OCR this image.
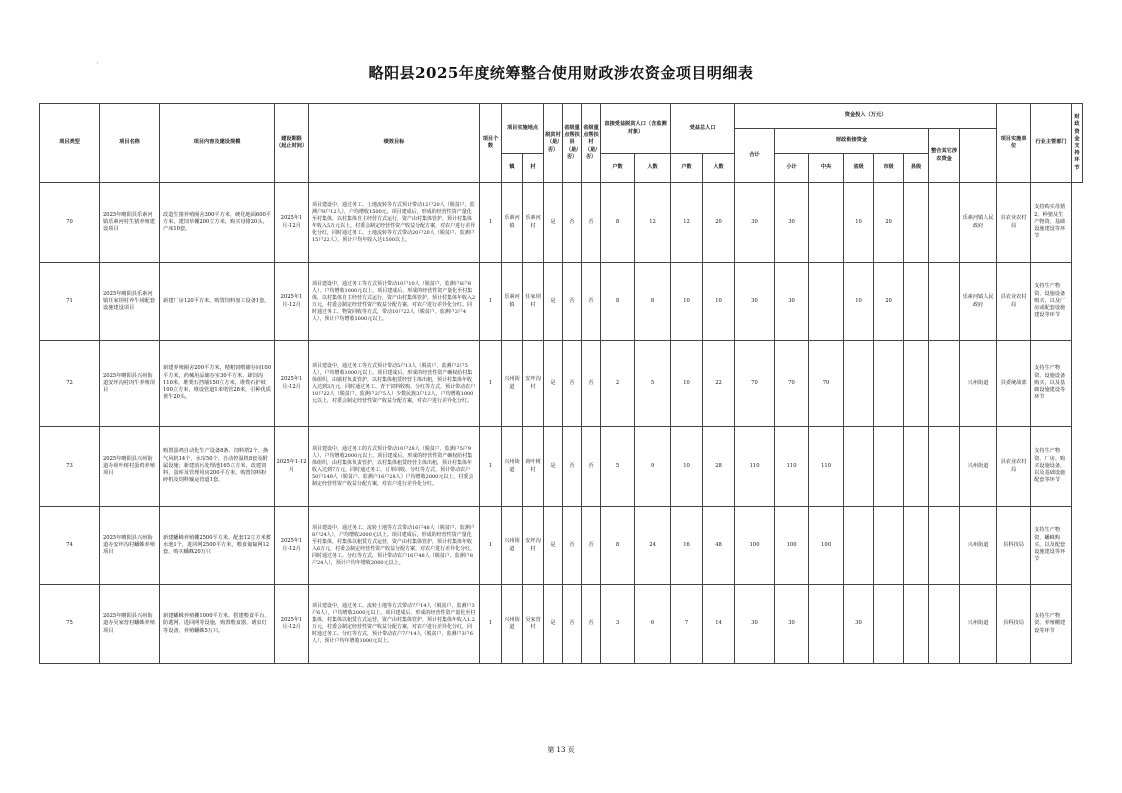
'	略阳县2025年度统筹整合使用财政涉农资金项目明细表
项目类型	项目名称	项目内容及建设规模	建设期限（起止时间）	绩效目标	项目个数	项目实施地点		脱贫村（是/否）	省级重点帮扶县（是/否）	省级重点帮扶村（是/否）	直接受益脱贫人口（含监测对象）		受益总人口		资金投入（万元）								项目实施单位	行业主管部门	财政资金支持环节
															合计	财政衔接资金					整合其它涉农资金				
						镇	村				户数	人数	户数	人数		小计	中央	省级	市级	县级					
70	2025年略阳县乐素河镇乐素河村生猪养殖建设项目	改造生猪养殖圈舍300平方米，硬化地面600平方米，建饲草棚200立方米，购买母猪20头，产床10套。	2025年1月-12月	项目建设中，通过务工、土地流转等方式预计带动12户20人（脱贫户、监测户8户12人），户均增收1500元。项目建成后，形成的经营性资产量化至村集体，以村集体自主经营方式运行，资产由村集体管护，预计村集体年收入5万元以上，村委会制定经营性资产收益分配方案，对农户进行差异化分红，同时通过务工、土地流转等方式带动20户20人（脱贫户、监测户15户22人），预计户均年收入达1500以上。	1	乐素河镇	乐素河村	是	否	否	8	12	12	20	30	30		10	20			乐素河镇人民政府	县农业农村局	支持购买母猪2、种猪及生产物资、基础设施建设等环节	
71	2025年略阳县乐素河镇任家坝村养牛场配套设施建设项目	新建厂房120平方米，购置饲料加工设备1套。	2025年1月-12月	项目建设中，通过务工等方式预计带动10户10人（脱贫户、监测户8户8人），户均增收1000元以上。项目建成后，形成的经营性资产量化至村集体，以村集体自主经营方式运行，资产由村集体管护，预计村集体年收入2万元，村委会制定经营性资产收益分配方案，对农户进行差异化分红。同时通过务工、物资回收等方式，带动10户22人（脱贫户、监测户2户4人），预计户均增收1000元以上。	1	乐素河镇	任家坝村	是	否	否	8	8	10	10	30	30		10	20			乐素河镇人民政府	县农业农村局	支持生产物资、设施设备购买，以及厂房或配套设施建设等环节	
72	2025年略阳县兴州街道安坪沟村肉牛养殖项目	新建养殖圈舍200平方米，精粗饲喂储存间100平方米，药械用品储存室30平方米，肆饲沟110米，堆粪石挡墙150立方米，堆粪石护坡100立方米，堆设管道1米堵管28米，引种优质黄牛20头。	2025年1月-12月	项目建设中，通过务工等方式预计带动5户13人（脱贫户、监测户2户5人），户均增收1000元以上。项目建成后，形成的经营性资产确权给村集体组织，由镇村负责管护，以村集体租赁经营主体出租，预计村集体年收入达到3万元，同时通过务工、青干饲料收购、分红等方式，预计带动农户10户22人（脱贫户、监测户2户5人）少数民族3户12人，户均增收1000元以上，村委会制定经营性资产收益分配方案，对农户进行差异化分红。	1	兴州街道	安坪沟村	是	否	否	2	5	10	22	70	70	70					兴州街道	县委统战部	支持生产物资、设施设备购买，以及基础设施建设等环节	
73	2025年略阳县兴州街道办荷叶树村蛋鸡养殖项目	购置蛋鸡自动化生产设备8条、饲料塔2个、换气风机14个、水帘50个、自动控温机8套及附属设施；新建消污处理池165立方米，改建饲料、蛋库及管理用房200平方米，购置饲料粉碎机及饲料输运管道1套。	2025年1-12月	项目建设中，通过务工的方式预计带动10户28人（脱贫户、监测户5户9人），户均增收2000元以上。项目建成后，形成的经营性资产确权给村集体组织，由村集体负责管护，以村集体租赁经营主体出租，预计村集体年收入达到7万元，同时通过务工、订单回收、分红等方式，预计带动农户50户149人（脱贫户、监测户16户28人）户均增收2000元以上，村委会制定经营性资产收益分配方案，对农户进行差异化分红。	1	兴州街道	荷叶树村	是	否	否	5	9	10	28	110	110	110					兴州街道	县农业农村局	支持生产物资、厂房、购买设施设备，以及基础设施配套等环节	
74	2025年略阳县兴州街道办安坪沟村蟠蛛养殖项目	新建蟠蛛养殖棚2500平方米，配套12立方米蓄水池1个，进回网2500平方米，喂食匍匐网12套，购买蟠蛛20万只	2025年1月-12月	项目建设中，通过务工、流转土地等方式带动16户48人（脱贫户、监测户8户24人），户均增收2000元以上。项目建成后，形成的经营性资产量化至村集体，村集体以租赁方式运营，资产由村集体管护，预计村集体年收入6万元，村委会制定经营性资产收益分配方案，对农户进行差异化分红，同时通过务工、分红等方式，预计带动农户16户48人（脱贫户、监测户8户24人），预计户均年增收2000元以上。	1	兴州街道	安坪沟村	是	否	否	8	24	16	48	100	100	100					兴州街道	县科技局	支持生产物资、蟠蛛购买，以及配套设施建设等环节	
75	2025年略阳县兴州街道办吴家营村蟠蛛养殖项目	新建蟠蛛养殖棚1000平方米，搭建喂食平台、防逃网、进回网等设施，购置喂食器、诱虫灯等设备，养殖蟠蛛5万只。	2025年1月-12月	项目建设中，通过务工、流转土地等方式带动7户14人（脱贫户、监测户3户6人），户均增收2000元以上，项目建成后，形成的经营性资产量化至村集体，村集体以租赁方式运营，资产由村集体管护，预计村集体年收入1.2万元，村委会制定经营性资产收益分配方案，对农户进行差异化分红，同时通过务工、分红等方式，预计带动农户7户14人（脱贫户、监测户3户6人），预计户均年增收1000元以上。	1	兴州街道	吴家营村	是	否	否	3	6	7	14	30	30		30				兴州街道	县科技局	支持生产物资、养殖棚建设等环节	
第 13 页
